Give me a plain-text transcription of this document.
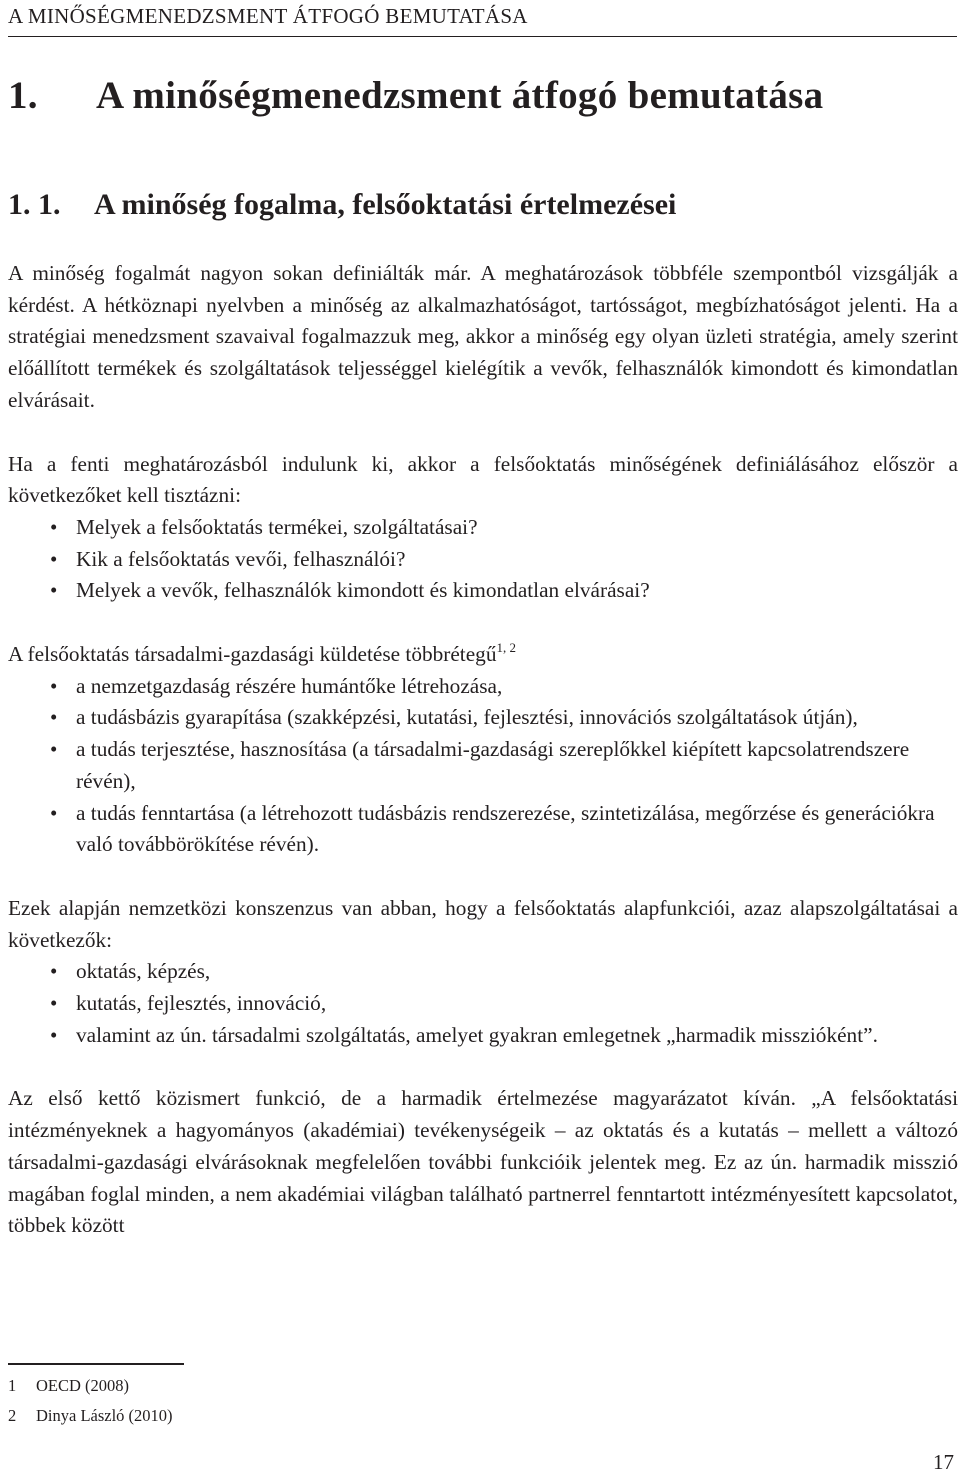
A MINŐSÉGMENEDZSMENT ÁTFOGÓ BEMUTATÁSA
1. A minőségmenedzsment átfogó bemutatása
1. 1. A minőség fogalma, felsőoktatási értelmezései

A minőség fogalmát nagyon sokan definiálták már. A meghatározások többféle szempontból vizsgálják a kérdést. A hétköznapi nyelvben a minőség az alkalmazhatóságot, tartósságot, megbízhatóságot jelenti. Ha a stratégiai menedzsment szavaival fogalmazzuk meg, akkor a minőség egy olyan üzleti stratégia, amely szerint előállított termékek és szolgáltatások teljességgel kielégítik a vevők, felhasználók kimondott és kimondatlan elvárásait.

Ha a fenti meghatározásból indulunk ki, akkor a felsőoktatás minőségének definiálásához először a következőket kell tisztázni:

• Melyek a felsőoktatás termékei, szolgáltatásai?
• Kik a felsőoktatás vevői, felhasználói?
• Melyek a vevők, felhasználók kimondott és kimondatlan elvárásai?

A felsőoktatás társadalmi-gazdasági küldetése többrétegű$^{1, 2}$

• a nemzetgazdaság részére humántőke létrehozása,
• a tudásbázis gyarapítása (szakképzési, kutatási, fejlesztési, innovációs szolgáltatások útján),
• a tudás terjesztése, hasznosítása (a társadalmi-gazdasági szereplőkkel kiépített kapcsolatrendszere révén),
• a tudás fenntartása (a létrehozott tudásbázis rendszerezése, szintetizálása, megőrzése és generációkra való továbbörökítése révén).

Ezek alapján nemzetközi konszenzus van abban, hogy a felsőoktatás alapfunkciói, azaz alapszolgáltatásai a következők:

• oktatás, képzés,
• kutatás, fejlesztés, innováció,
• valamint az ún. társadalmi szolgáltatás, amelyet gyakran emlegetnek „harmadik misszióként”.

Az első kettő közismert funkció, de a harmadik értelmezése magyarázatot kíván. „A felsőoktatási intézményeknek a hagyományos (akadémiai) tevékenységeik – az oktatás és a kutatás – mellett a változó társadalmi-gazdasági elvárásoknak megfelelően további funkcióik jelentek meg. Ez az ún. harmadik misszió magában foglal minden, a nem akadémiai világban található partnerrel fenntartott intézményesített kapcsolatot, többek között

1 OECD (2008)
2 Dinya László (2010)
17
